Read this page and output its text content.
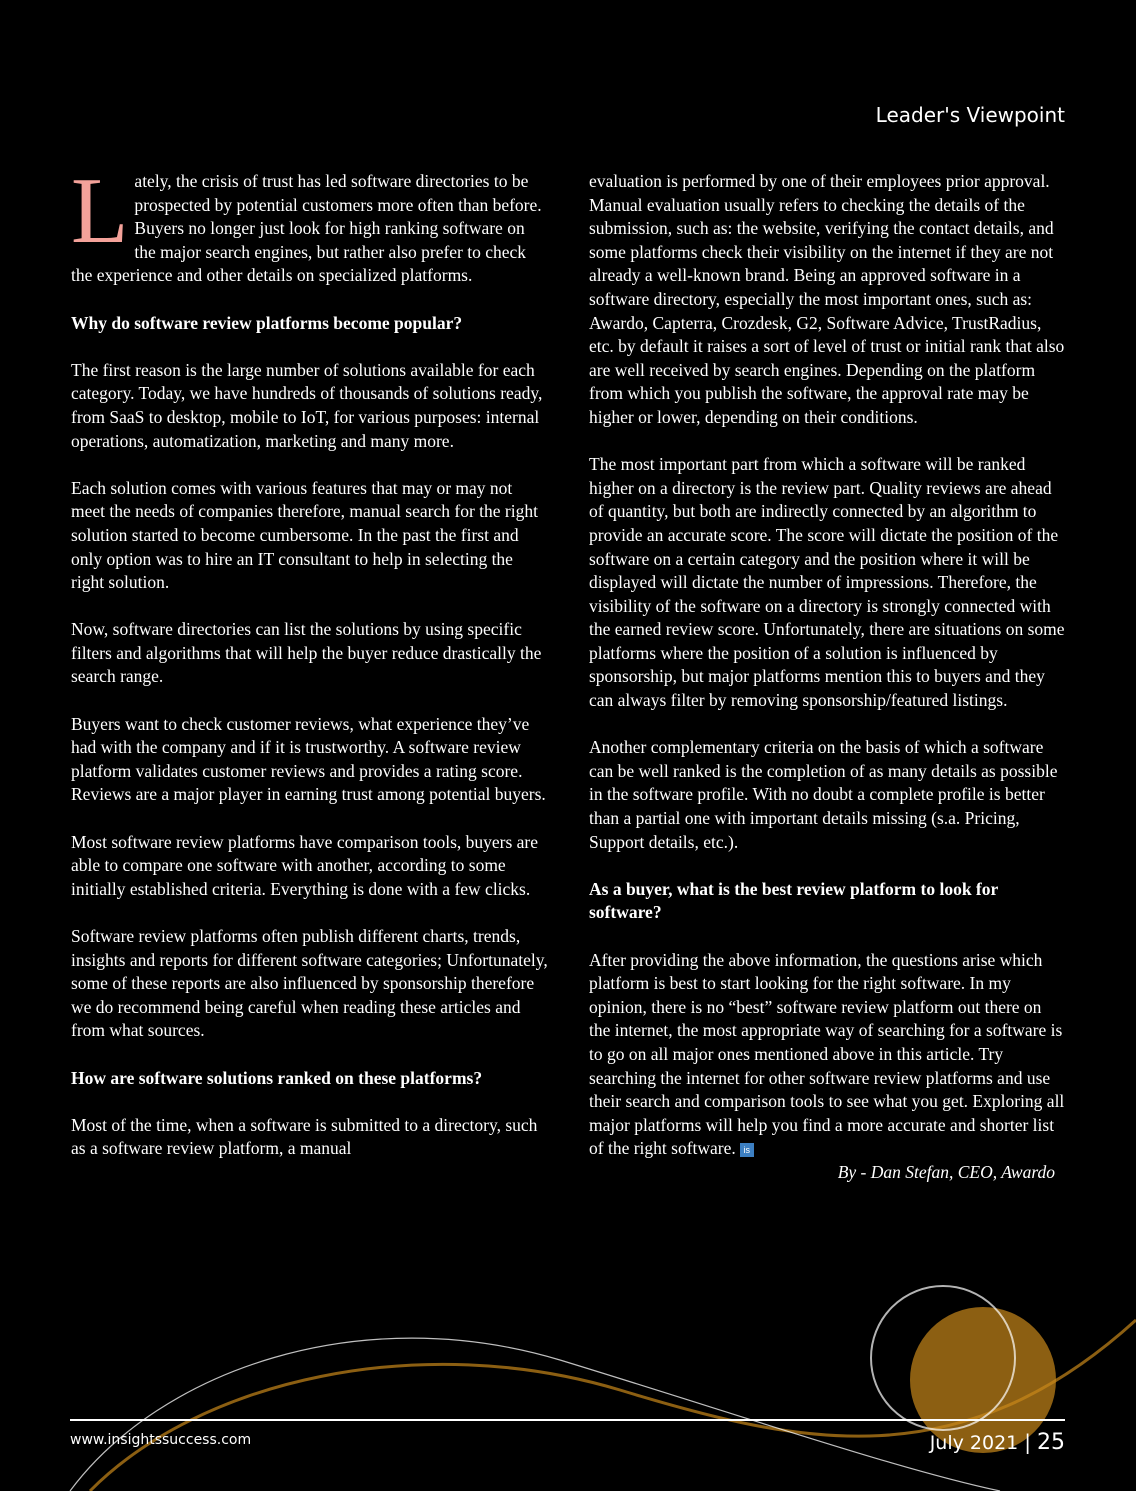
Leader's Viewpoint

Lately, the crisis of trust has led software directories to be prospected by potential customers more often than before. Buyers no longer just look for high ranking software on the major search engines, but rather also prefer to check the experience and other details on specialized platforms.

Why do software review platforms become popular?

The first reason is the large number of solutions available for each category. Today, we have hundreds of thousands of solutions ready, from SaaS to desktop, mobile to IoT, for various purposes: internal operations, automatization, marketing and many more.

Each solution comes with various features that may or may not meet the needs of companies therefore, manual search for the right solution started to become cumbersome. In the past the first and only option was to hire an IT consultant to help in selecting the right solution.

Now, software directories can list the solutions by using specific filters and algorithms that will help the buyer reduce drastically the search range.

Buyers want to check customer reviews, what experience they’ve had with the company and if it is trustworthy. A software review platform validates customer reviews and provides a rating score. Reviews are a major player in earning trust among potential buyers.

Most software review platforms have comparison tools, buyers are able to compare one software with another, according to some initially established criteria. Everything is done with a few clicks.

Software review platforms often publish different charts, trends, insights and reports for different software categories; Unfortunately, some of these reports are also influenced by sponsorship therefore we do recommend being careful when reading these articles and from what sources.

How are software solutions ranked on these platforms?

Most of the time, when a software is submitted to a directory, such as a software review platform, a manual

evaluation is performed by one of their employees prior approval. Manual evaluation usually refers to checking the details of the submission, such as: the website, verifying the contact details, and some platforms check their visibility on the internet if they are not already a well-known brand. Being an approved software in a software directory, especially the most important ones, such as: Awardo, Capterra, Crozdesk, G2, Software Advice, TrustRadius, etc. by default it raises a sort of level of trust or initial rank that also are well received by search engines. Depending on the platform from which you publish the software, the approval rate may be higher or lower, depending on their conditions.

The most important part from which a software will be ranked higher on a directory is the review part. Quality reviews are ahead of quantity, but both are indirectly connected by an algorithm to provide an accurate score. The score will dictate the position of the software on a certain category and the position where it will be displayed will dictate the number of impressions. Therefore, the visibility of the software on a directory is strongly connected with the earned review score. Unfortunately, there are situations on some platforms where the position of a solution is influenced by sponsorship, but major platforms mention this to buyers and they can always filter by removing sponsorship/featured listings.

Another complementary criteria on the basis of which a software can be well ranked is the completion of as many details as possible in the software profile. With no doubt a complete profile is better than a partial one with important details missing (s.a. Pricing, Support details, etc.).

As a buyer, what is the best review platform to look for software?

After providing the above information, the questions arise which platform is best to start looking for the right software. In my opinion, there is no “best” software review platform out there on the internet, the most appropriate way of searching for a software is to go on all major ones mentioned above in this article. Try searching the internet for other software review platforms and use their search and comparison tools to see what you get. Exploring all major platforms will help you find a more accurate and shorter list of the right software. is

By - Dan Stefan, CEO, Awardo

www.insightssuccess.com	July 2021 | 25
